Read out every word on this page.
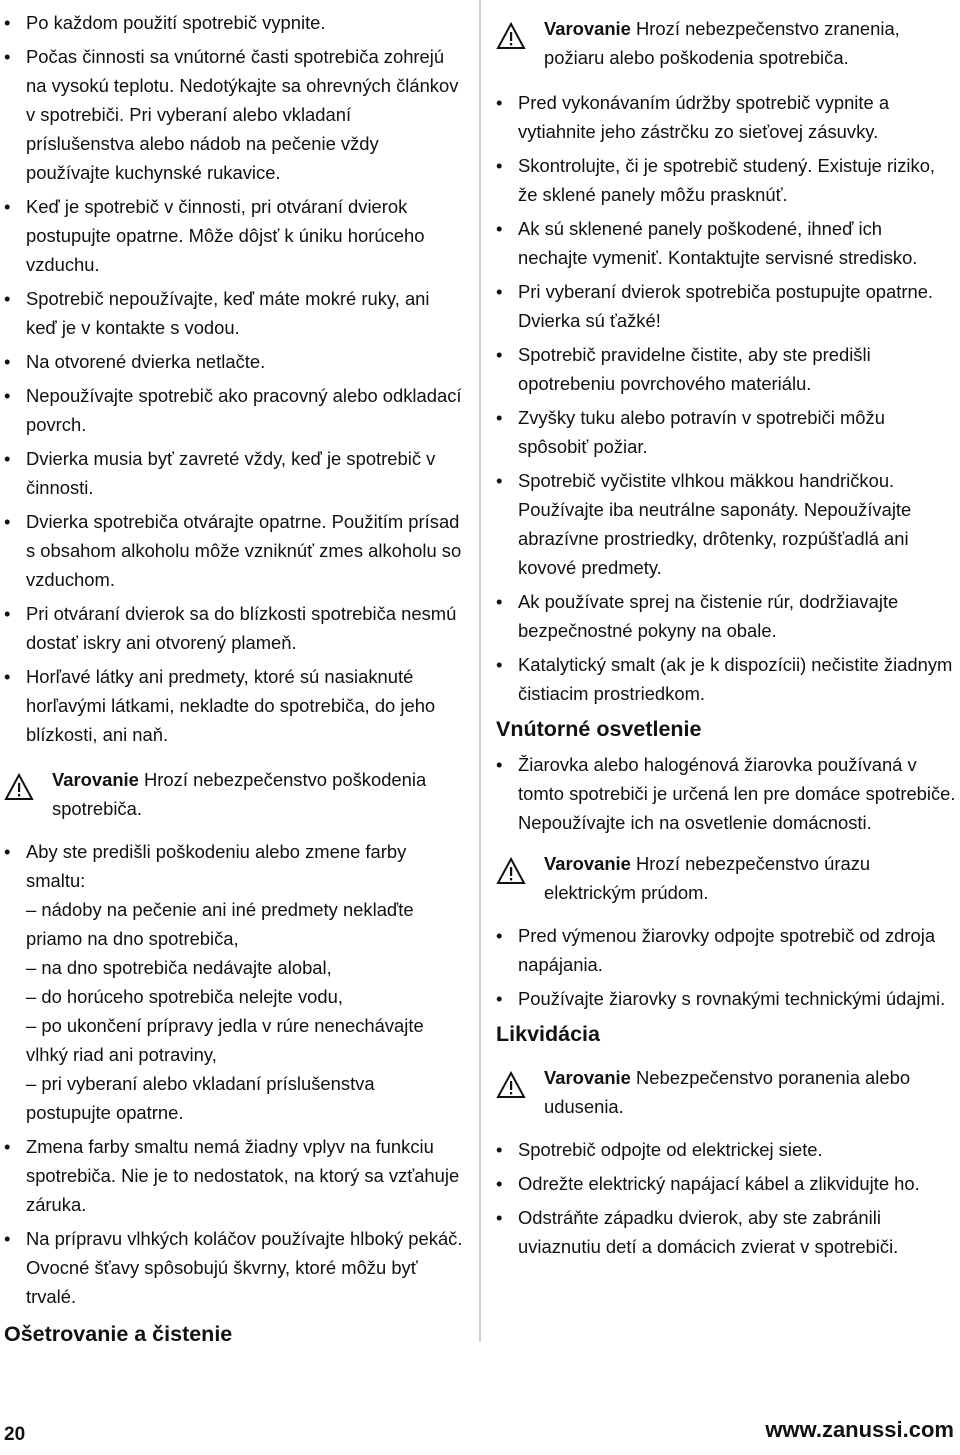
• Po každom použití spotrebič vypnite.
• Počas činnosti sa vnútorné časti spotrebiča zohrejú na vysokú teplotu. Nedotýkajte sa ohrevných článkov v spotrebiči. Pri vyberaní alebo vkladaní príslušenstva alebo nádob na pečenie vždy používajte kuchynské rukavice.
• Keď je spotrebič v činnosti, pri otváraní dvierok postupujte opatrne. Môže dôjsť k úniku horúceho vzduchu.
• Spotrebič nepoužívajte, keď máte mokré ruky, ani keď je v kontakte s vodou.
• Na otvorené dvierka netlačte.
• Nepoužívajte spotrebič ako pracovný alebo odkladací povrch.
• Dvierka musia byť zavreté vždy, keď je spotrebič v činnosti.
• Dvierka spotrebiča otvárajte opatrne. Použitím prísad s obsahom alkoholu môže vzniknúť zmes alkoholu so vzduchom.
• Pri otváraní dvierok sa do blízkosti spotrebiča nesmú dostať iskry ani otvorený plameň.
• Horľavé látky ani predmety, ktoré sú nasiaknuté horľavými látkami, nekladte do spotrebiča, do jeho blízkosti, ani naň.
Varovanie Hrozí nebezpečenstvo poškodenia spotrebiča.
• Aby ste predišli poškodeniu alebo zmene farby smaltu:
– nádoby na pečenie ani iné predmety neklaďte priamo na dno spotrebiča,
– na dno spotrebiča nedávajte alobal,
– do horúceho spotrebiča nelejte vodu,
– po ukončení prípravy jedla v rúre nenechávajte vlhký riad ani potraviny,
– pri vyberaní alebo vkladaní príslušenstva postupujte opatrne.
• Zmena farby smaltu nemá žiadny vplyv na funkciu spotrebiča. Nie je to nedostatok, na ktorý sa vzťahuje záruka.
• Na prípravu vlhkých koláčov používajte hlboký pekáč. Ovocné šťavy spôsobujú škvrny, ktoré môžu byť trvalé.
Ošetrovanie a čistenie
Varovanie Hrozí nebezpečenstvo zranenia, požiaru alebo poškodenia spotrebiča.
• Pred vykonávaním údržby spotrebič vypnite a vytiahnite jeho zástrčku zo sieťovej zásuvky.
• Skontrolujte, či je spotrebič studený. Existuje riziko, že sklené panely môžu prasknúť.
• Ak sú sklenené panely poškodené, ihneď ich nechajte vymeniť. Kontaktujte servisné stredisko.
• Pri vyberaní dvierok spotrebiča postupujte opatrne. Dvierka sú ťažké!
• Spotrebič pravidelne čistite, aby ste predišli opotrebeniu povrchového materiálu.
• Zvyšky tuku alebo potravín v spotrebiči môžu spôsobiť požiar.
• Spotrebič vyčistite vlhkou mäkkou handričkou. Používajte iba neutrálne saponáty. Nepoužívajte abrazívne prostriedky, drôtenky, rozpúšťadlá ani kovové predmety.
• Ak používate sprej na čistenie rúr, dodržiavajte bezpečnostné pokyny na obale.
• Katalytický smalt (ak je k dispozícii) nečistite žiadnym čistiacim prostriedkom.
Vnútorné osvetlenie
• Žiarovka alebo halogénová žiarovka používaná v tomto spotrebiči je určená len pre domáce spotrebiče. Nepoužívajte ich na osvetlenie domácnosti.
Varovanie Hrozí nebezpečenstvo úrazu elektrickým prúdom.
• Pred výmenou žiarovky odpojte spotrebič od zdroja napájania.
• Používajte žiarovky s rovnakými technickými údajmi.
Likvidácia
Varovanie Nebezpečenstvo poranenia alebo udusenia.
• Spotrebič odpojte od elektrickej siete.
• Odrežte elektrický napájací kábel a zlikvidujte ho.
• Odstráňte západku dvierok, aby ste zabránili uviaznutiu detí a domácich zvierat v spotrebiči.
20	www.zanussi.com
